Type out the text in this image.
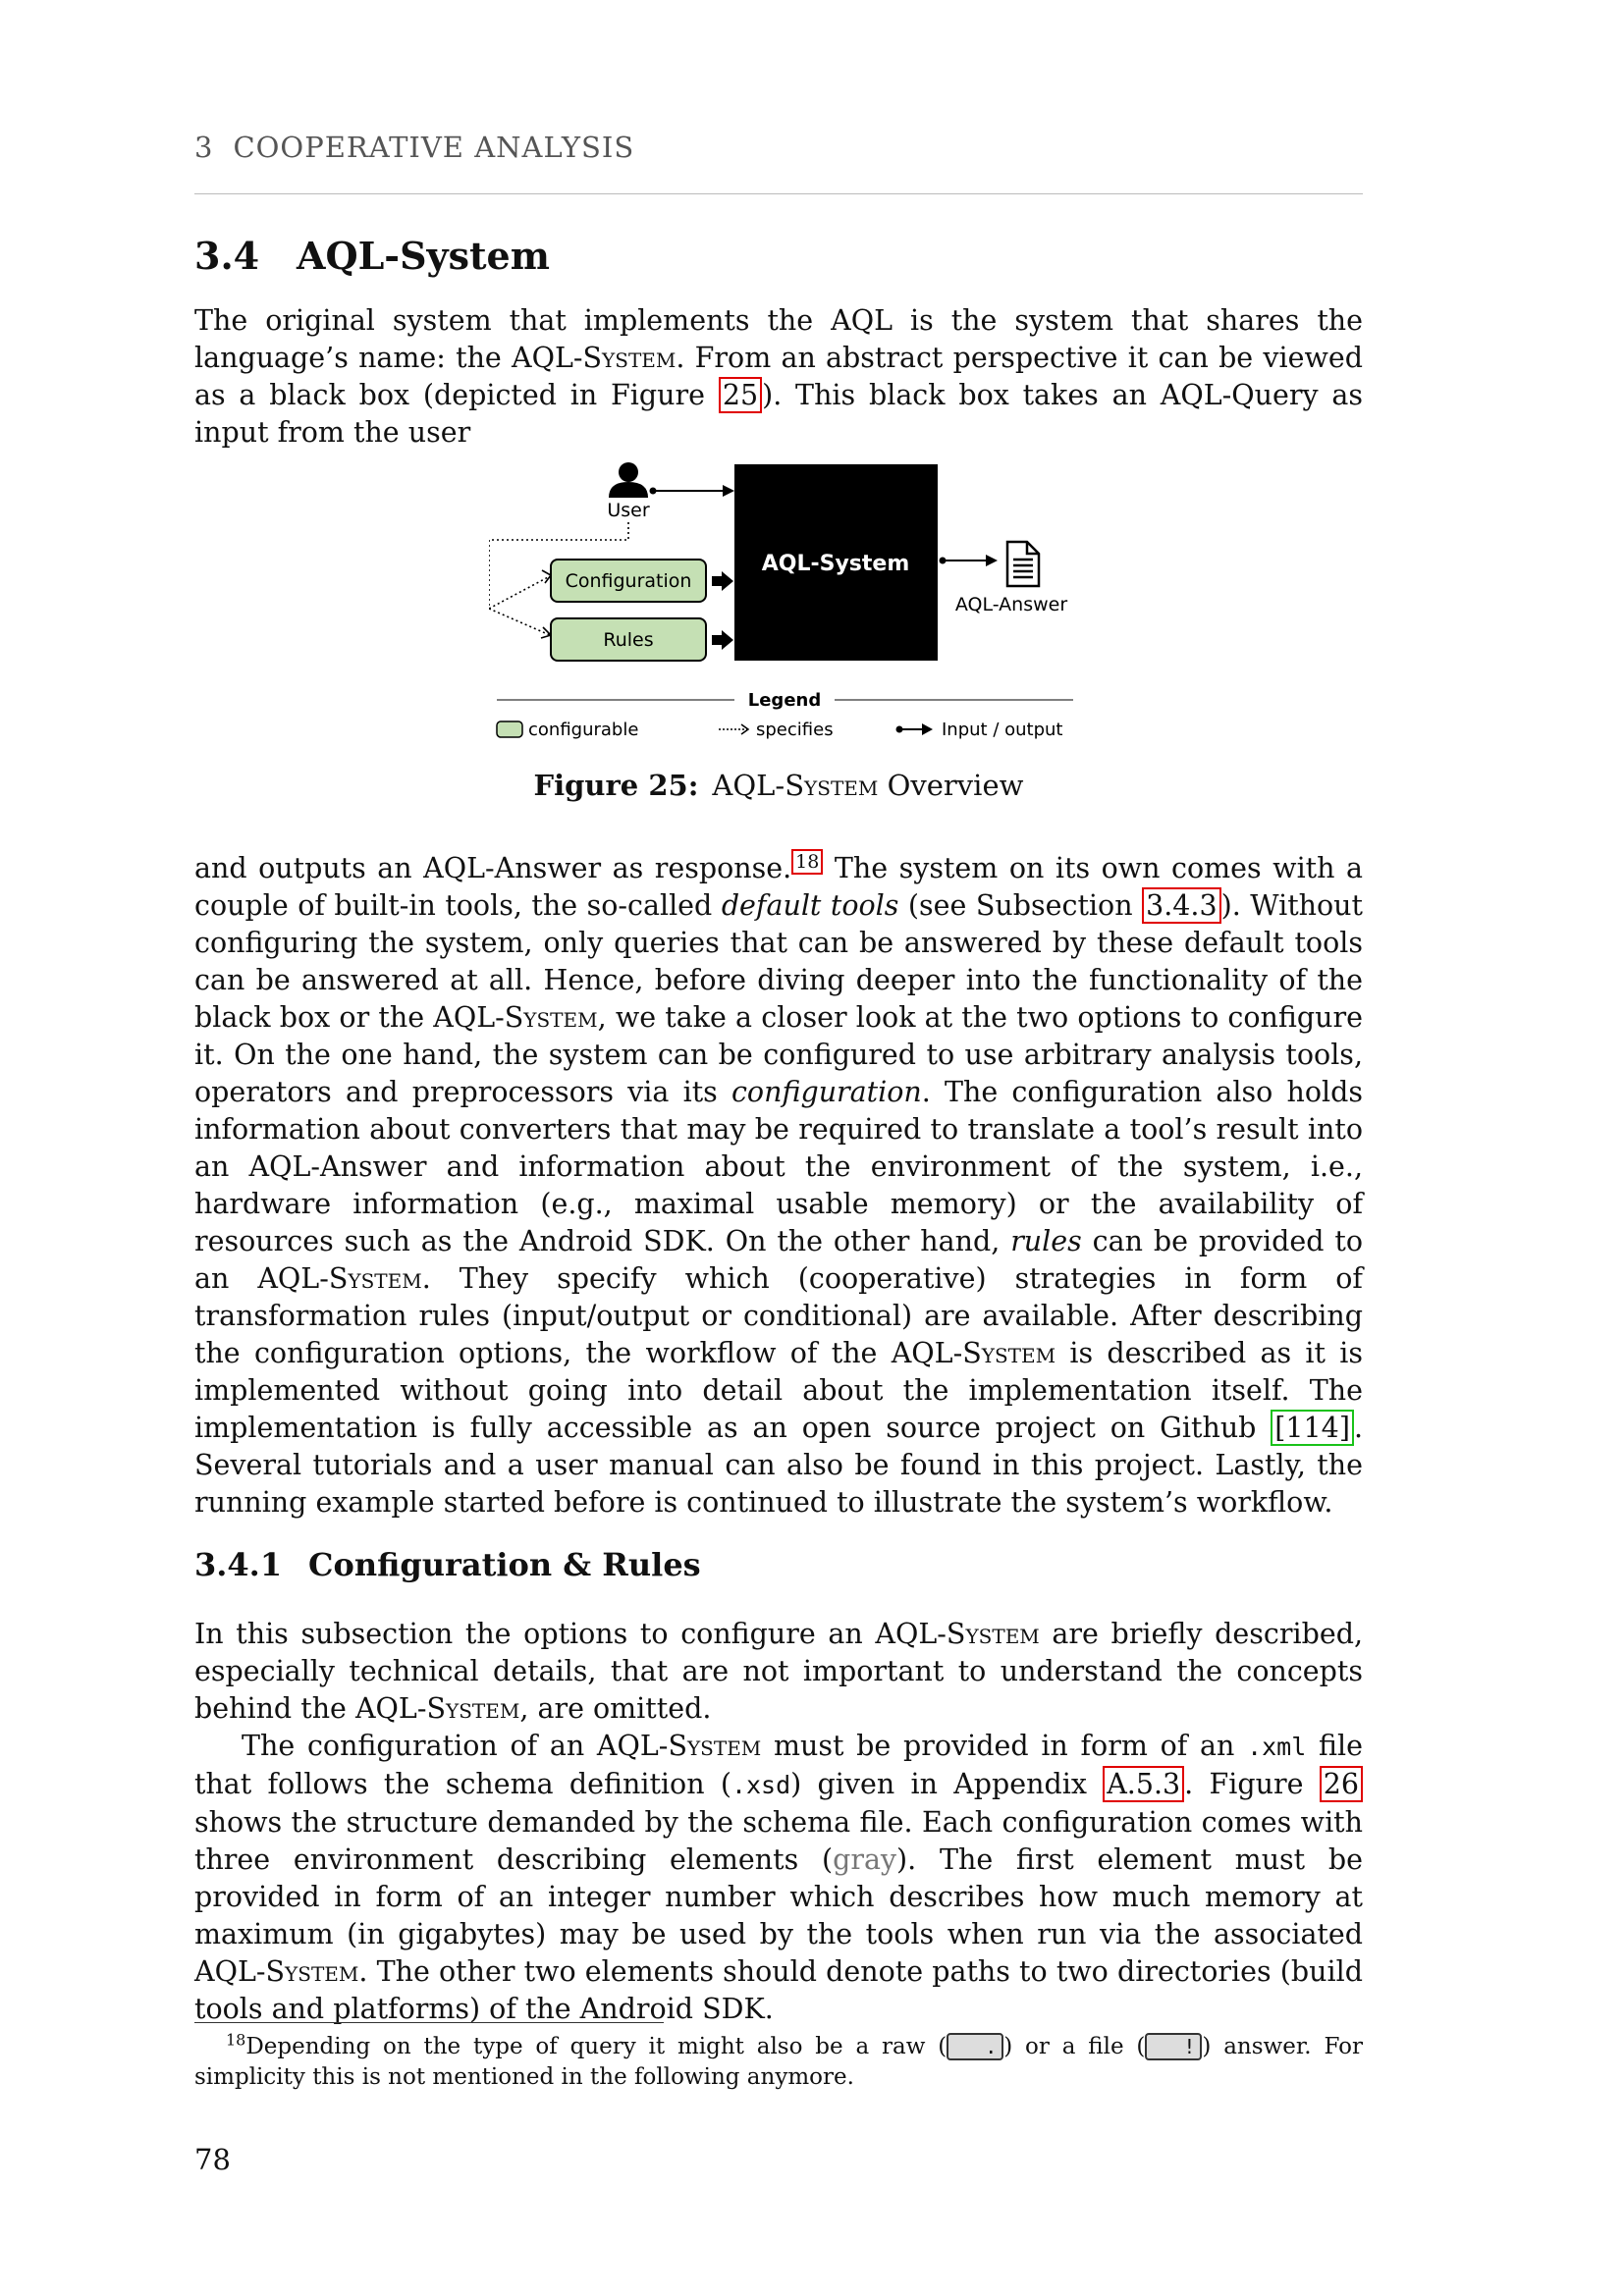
3 COOPERATIVE ANALYSIS
3.4 AQL-System

The original system that implements the AQL is the system that shares the language’s name: the AQL-System. From an abstract perspective it can be viewed as a black box (depicted in Figure 25 ). This black box takes an AQL-Query as input from the user

User
Configuration
Rules
AQL-System
AQL-Answer
Legend
configurable	specifies	Input / output
Figure 25: AQL-System Overview

and outputs an AQL-Answer as response. $^{18}$ The system on its own comes with a couple of built-in tools, the so-called default tools (see Subsection 3.4.3 ). Without configuring the system, only queries that can be answered by these default tools can be answered at all. Hence, before diving deeper into the functionality of the black box or the AQL-System, we take a closer look at the two options to configure it. On the one hand, the system can be configured to use arbitrary analysis tools, operators and preprocessors via its configuration. The configuration also holds information about converters that may be required to translate a tool’s result into an AQL-Answer and information about the environment of the system, i.e., hardware information (e.g., maximal usable memory) or the availability of resources such as the Android SDK. On the other hand, rules can be provided to an AQL-System. They specify which (cooperative) strategies in form of transformation rules (input/output or conditional) are available. After describing the configuration options, the workflow of the AQL-System is described as it is implemented without going into detail about the implementation itself. The implementation is fully accessible as an open source project on Github [114] . Several tutorials and a user manual can also be found in this project. Lastly, the running example started before is continued to illustrate the system’s workflow.

3.4.1 Configuration & Rules

In this subsection the options to configure an AQL-System are briefly described, especially technical details, that are not important to understand the concepts behind the AQL-System, are omitted.

The configuration of an AQL-System must be provided in form of an .xml file that follows the schema definition (.xsd) given in Appendix A.5.3 . Figure 26 shows the structure demanded by the schema file. Each configuration comes with three environment describing elements (gray). The first element must be provided in form of an integer number which describes how much memory at maximum (in gigabytes) may be used by the tools when run via the associated AQL-System. The other two elements should denote paths to two directories (build tools and platforms) of the Android SDK.

$^{18}$Depending on the type of query it might also be a raw ( . ) or a file ( ! ) answer. For simplicity this is not mentioned in the following anymore.

78
